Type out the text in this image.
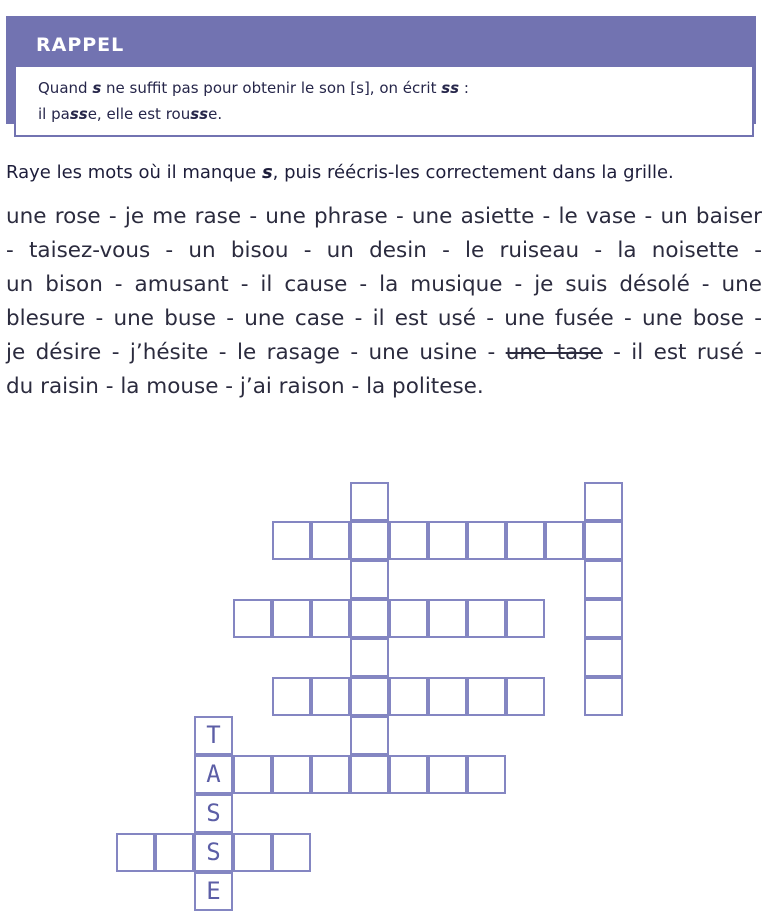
RAPPEL
Quand s ne suffit pas pour obtenir le son [s], on écrit ss :
il passe, elle est rousse.
Raye les mots où il manque s, puis réécris-les correctement dans la grille.
une rose - je me rase - une phrase - une asiette - le vase - un baiser
- taisez-vous - un bisou - un desin - le ruiseau - la noisette -
un bison - amusant - il cause - la musique - je suis désolé - une
blesure - une buse - une case - il est usé - une fusée - une bose -
je désire - j’hésite - le rasage - une usine - une tase - il est rusé -
du raisin - la mouse - j’ai raison - la politese.
A
S
T
S
E
